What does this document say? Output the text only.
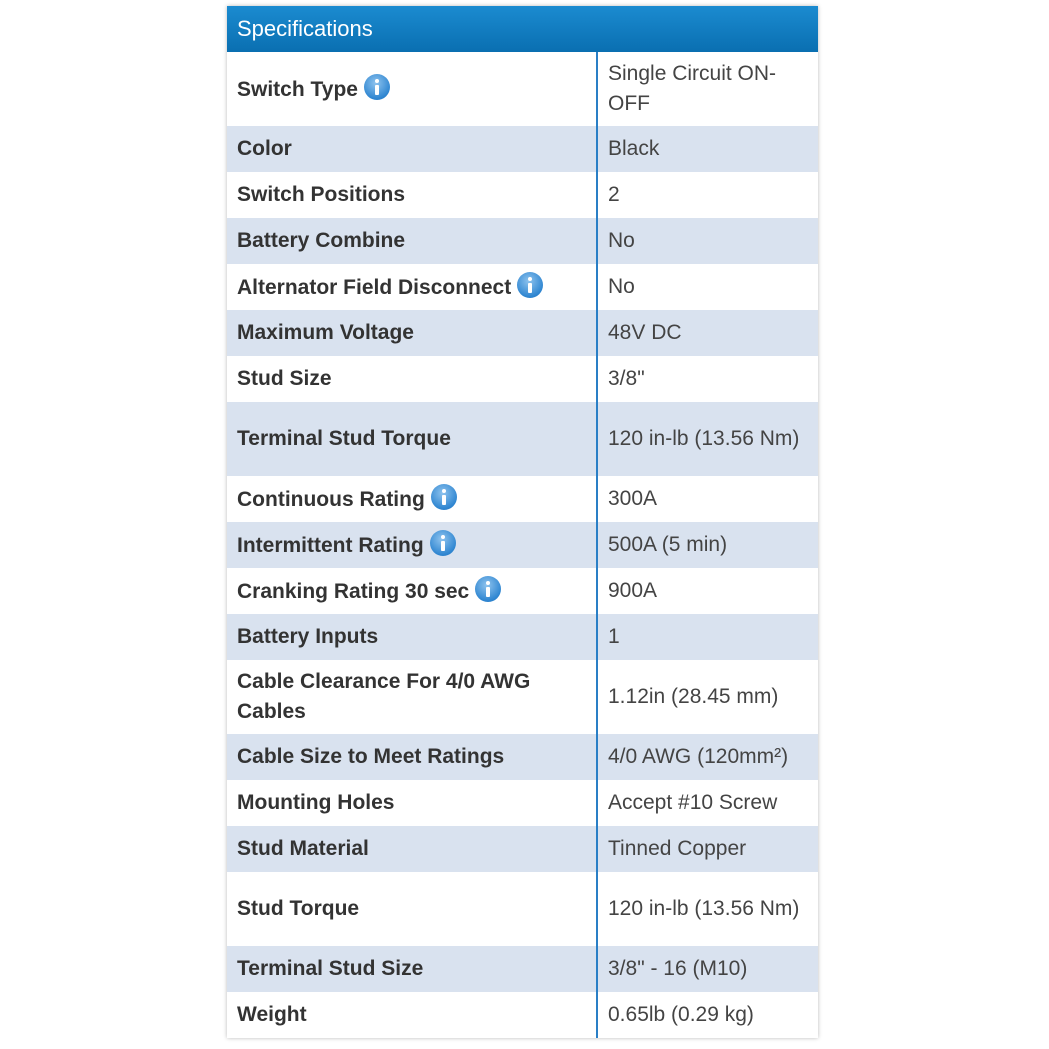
Specifications
Switch Type	Single Circuit ON-OFF
Color	Black
Switch Positions	2
Battery Combine	No
Alternator Field Disconnect	No
Maximum Voltage	48V DC
Stud Size	3/8"
Terminal Stud Torque	120 in-lb (13.56 Nm)
Continuous Rating	300A
Intermittent Rating	500A (5 min)
Cranking Rating 30 sec	900A
Battery Inputs	1
Cable Clearance For 4/0 AWG Cables	1.12in (28.45 mm)
Cable Size to Meet Ratings	4/0 AWG (120mm²)
Mounting Holes	Accept #10 Screw
Stud Material	Tinned Copper
Stud Torque	120 in-lb (13.56 Nm)
Terminal Stud Size	3/8" - 16 (M10)
Weight	0.65lb (0.29 kg)
